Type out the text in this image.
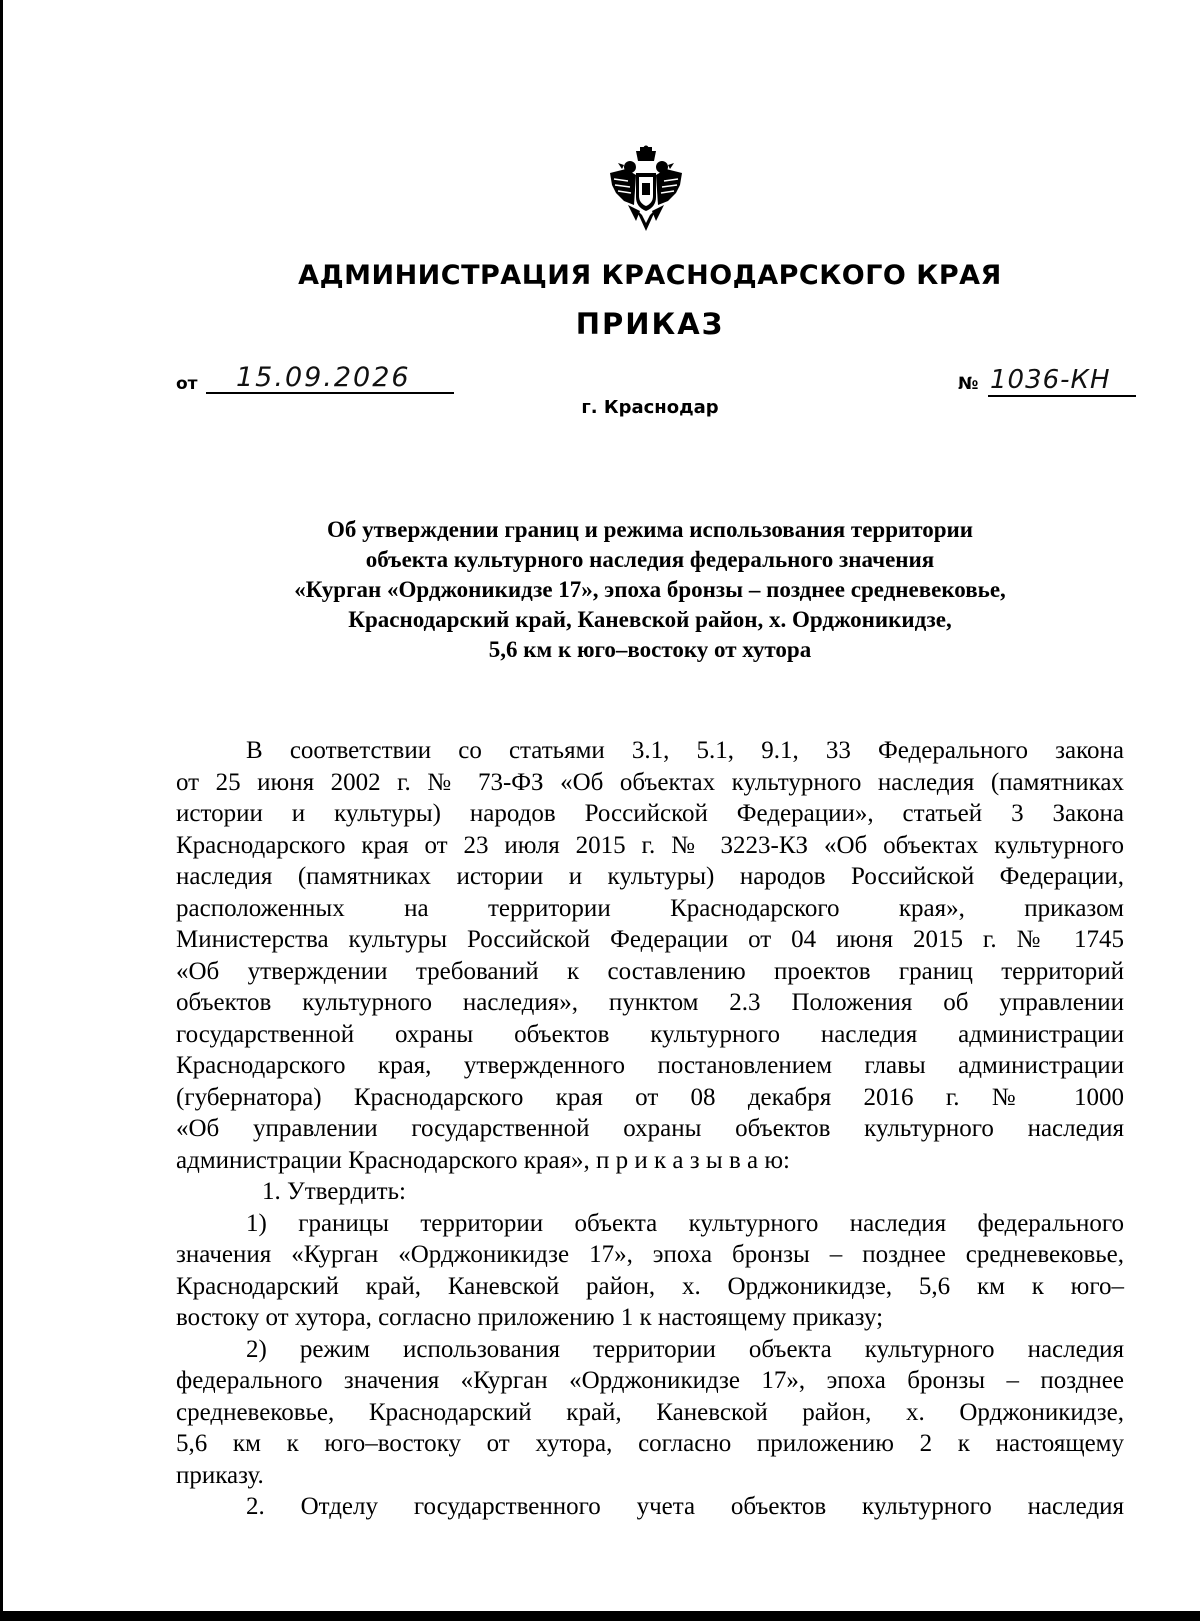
АДМИНИСТРАЦИЯ КРАСНОДАРСКОГО КРАЯ
ПРИКАЗ
от 15.09.2026	№ 1036-КН
г. Краснодар
Об утверждении границ и режима использования территории
объекта культурного наследия федерального значения
«Курган «Орджоникидзе 17», эпоха бронзы – позднее средневековье,
Краснодарский край, Каневской район, х. Орджоникидзе,
5,6 км к юго–востоку от хутора

В соответствии со статьями 3.1, 5.1, 9.1, 33 Федерального закона

от 25 июня 2002 г. № 73-ФЗ «Об объектах культурного наследия (памятниках

истории и культуры) народов Российской Федерации», статьей 3 Закона

Краснодарского края от 23 июля 2015 г. № 3223-КЗ «Об объектах культурного

наследия (памятниках истории и культуры) народов Российской Федерации,

расположенных на территории Краснодарского края», приказом

Министерства культуры Российской Федерации от 04 июня 2015 г. № 1745

«Об утверждении требований к составлению проектов границ территорий

объектов культурного наследия», пунктом 2.3 Положения об управлении

государственной охраны объектов культурного наследия администрации

Краснодарского края, утвержденного постановлением главы администрации

(губернатора) Краснодарского края от 08 декабря 2016 г. № 1000

«Об управлении государственной охраны объектов культурного наследия

администрации Краснодарского края», п р и к а з ы в а ю:

1. Утвердить:

1) границы территории объекта культурного наследия федерального

значения «Курган «Орджоникидзе 17», эпоха бронзы – позднее средневековье,

Краснодарский край, Каневской район, х. Орджоникидзе, 5,6 км к юго–

востоку от хутора, согласно приложению 1 к настоящему приказу;

2) режим использования территории объекта культурного наследия

федерального значения «Курган «Орджоникидзе 17», эпоха бронзы – позднее

средневековье, Краснодарский край, Каневской район, х. Орджоникидзе,

5,6 км к юго–востоку от хутора, согласно приложению 2 к настоящему

приказу.

2. Отделу государственного учета объектов культурного наследия
